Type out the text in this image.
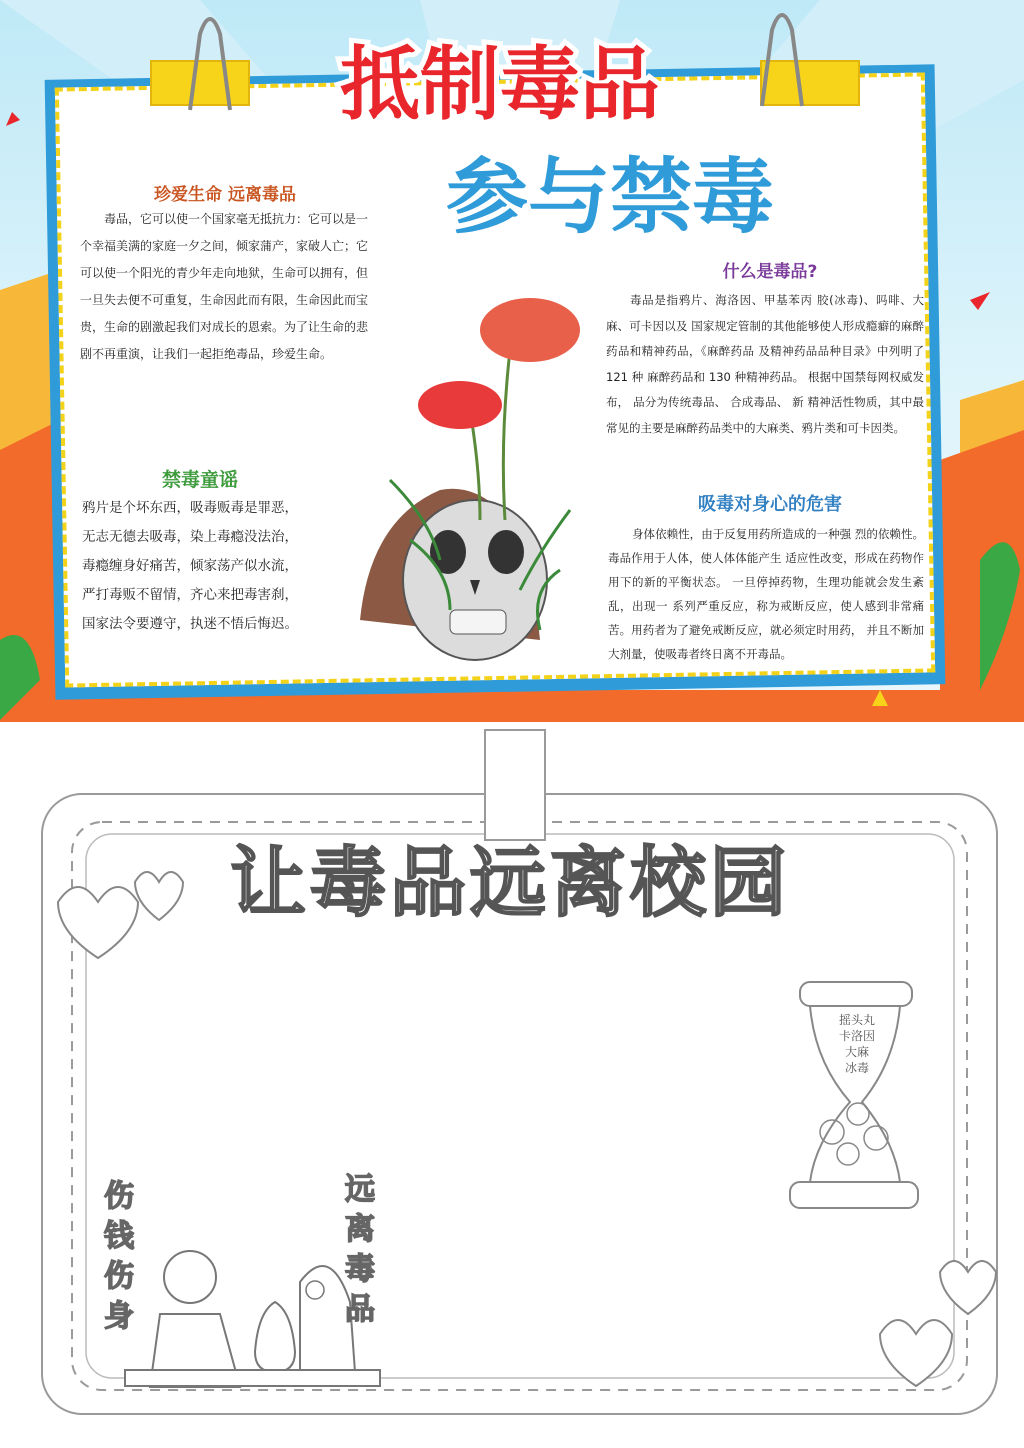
抵制毒品
参与禁毒
珍爱生命 远离毒品
毒品，它可以使一个国家毫无抵抗力：它可以是一个幸福美满的家庭一夕之间，倾家蒲产，家破人亡；它可以使一个阳光的青少年走向地狱，生命可以拥有，但一旦失去便不可重复，生命因此而有限，生命因此而宝 贵，生命的剧激起我们对成长的恩索。为了让生命的悲剧不再重演，让我们一起拒绝毒品，珍爱生命。
禁毒童谣
鸦片是个坏东西，吸毒贩毒是罪恶，
无志无德去吸毒，染上毒瘾没法治，
毒瘾缠身好痛苦，倾家荡产似水流，
严打毒贩不留情，齐心来把毒害刹，
国家法令要遵守，执迷不悟后悔迟。
什么是毒品?
毒品是指鸦片、海洛因、甲基苯丙 胶(冰毒)、吗啡、大麻、可卡因以及 国家规定管制的其他能够使人形成瘾癖的麻醉药品和精神药品，《麻醉药品 及精神药品品种目录》中列明了 121 种 麻醉药品和 130 种精神药品。 根据中国禁每网权威发布， 品分为传统毒品、 合成毒品、 新 精神活性物质，其中最常见的主要是麻醉药品类中的大麻类、鸦片类和可卡因类。
吸毒对身心的危害
身体依赖性，由于反复用药所造成的一种强 烈的依赖性。毒品作用于人体，使人体体能产生 适应性改变，形成在药物作用下的新的平衡状态。 一旦停掉药物，生理功能就会发生紊乱，出现一 系列严重反应，称为戒断反应，使人感到非常痛 苦。用药者为了避免戒断反应，就必须定时用药， 并且不断加大剂量，使吸毒者终日离不开毒品。
让毒品远离校园
伤
钱
伤
身
远
离
毒
品
摇头丸
卡洛因
大麻
冰毒
